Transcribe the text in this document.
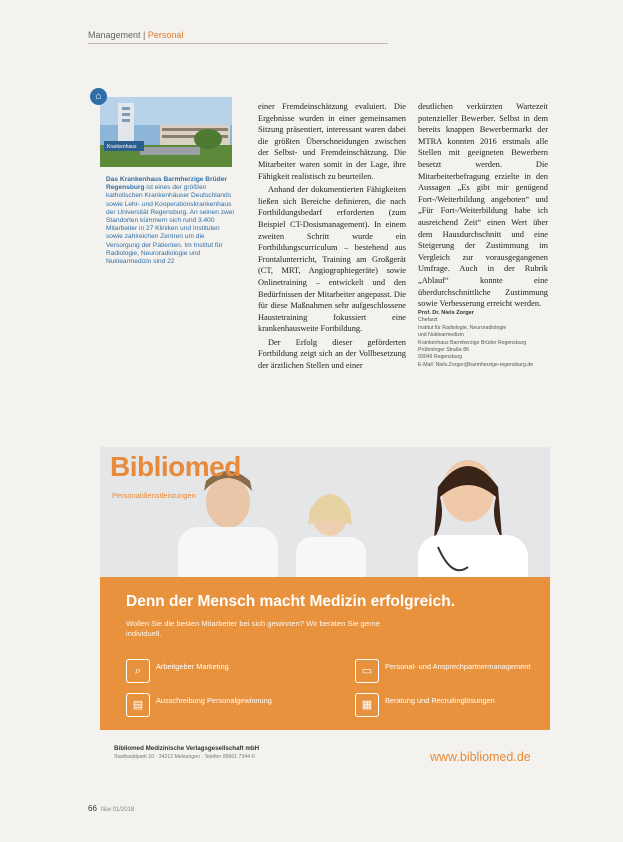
Management | Personal
Krankenhaus
⌂
Das Krankenhaus Barmherzige Brüder Regensburg ist eines der größten katholischen Krankenhäuser Deutschlands sowie Lehr- und Kooperationskrankenhaus der Universität Regensburg. An seinen zwei Standorten kümmern sich rund 3.400 Mitarbeiter in 27 Kliniken und Instituten sowie zahlreichen Zentren um die Versorgung der Patienten. Im Institut für Radiologie, Neuroradiologie und Nuklearmedizin sind 22

einer Fremdeinschätzung evaluiert. Die Ergebnisse wurden in einer gemeinsamen Sitzung präsentiert, interessant waren dabei die größten Überschneidungen zwischen der Selbst- und Fremdeinschätzung. Die Mitarbeiter waren somit in der Lage, ihre Fähigkeit realistisch zu beurteilen.

Anhand der dokumentierten Fähigkeiten ließen sich Bereiche definieren, die nach Fortbildungsbedarf erforderten (zum Beispiel CT-Dosismanagement). In einem zweiten Schritt wurde ein Fortbildungscurriculum – bestehend aus Frontalunterricht, Training am Großgerät (CT, MRT, Angiographiegeräte) sowie Onlinetraining – entwickelt und den Bedürfnissen der Mitarbeiter angepasst. Die für diese Maßnahmen sehr aufgeschlossene Haustetraining fokussiert eine krankenhausweite Fortbildung.

Der Erfolg dieser geförderten Fortbildung zeigt sich an der Vollbesetzung der ärztlichen Stellen und einer

deutlichen verkürzten Wartezeit potenzieller Bewerber. Selbst in dem bereits knappen Bewerbermarkt der MTRA konnten 2016 erstmals alle Stellen mit geeigneten Bewerbern besetzt werden. Die Mitarbeiterbefragung erzielte in den Aussagen „Es gibt mir genügend Fort-/Weiterbildung angeboten“ und „Für Fort-/Weiterbildung habe ich ausreichend Zeit“ einen Wert über dem Hausdurchschnitt und eine Steigerung der Zustimmung im Vergleich zur vorausgegangenen Umfrage. Auch in der Rubrik „Ablauf“ konnte eine überdurchschnittliche Zustimmung sowie Verbesserung erreicht werden.

Prof. Dr. Niels Zorger
Chefarzt
Institut für Radiologie, Neuroradiologie
und Nuklearmedizin
Krankenhaus Barmherzige Brüder Regensburg
Prüfeninger Straße 86
93049 Regensburg
E-Mail: Niels.Zorger@barmherzige-regensburg.de
Bibliomed
Personaldienstleistungen
Denn der Mensch macht Medizin erfolgreich.
Wollen Sie die besten Mitarbeiter bei sich gewinnen? Wir beraten Sie gerne individuell.
⌕	Arbeitgeber Marketing	▭	Personal- und Ansprechpartnermanagement
▤	Ausschreibung Personalgewinnung	▦	Beratung und Recruitinglösungen
Bibliomed Medizinische Verlagsgesellschaft mbH
Stadtwaldpark 10 · 34212 Melsungen · Telefon 05661 7344-0	www.bibliomed.de
66 f&w 01/2018
